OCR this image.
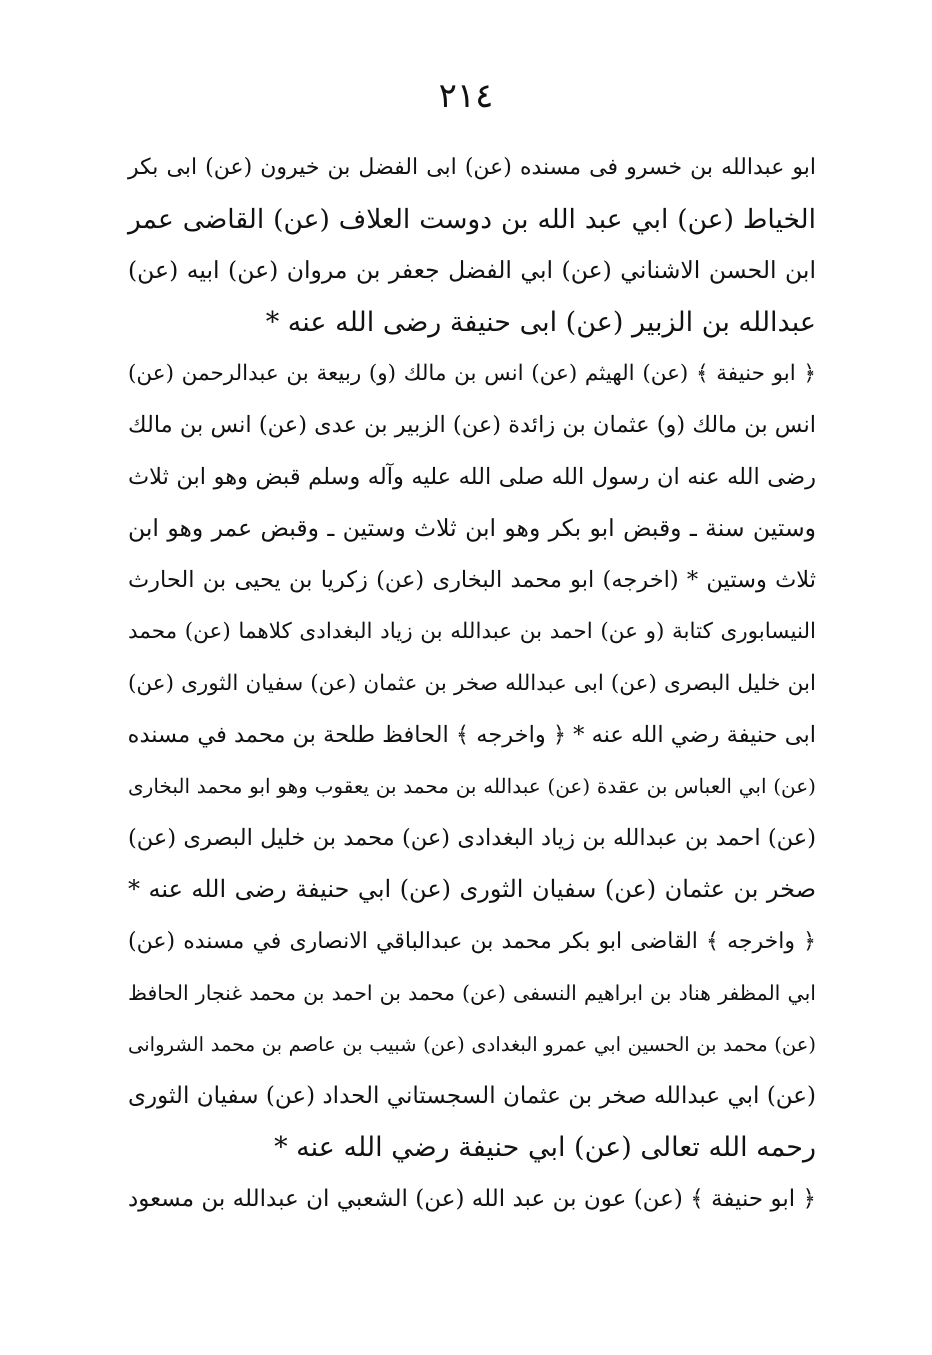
٢١٤
ابو عبدالله بن خسرو فى مسنده (عن) ابى الفضل بن خيرون (عن) ابى بكر
الخياط (عن) ابي عبد الله بن دوست العلاف (عن) القاضى عمر
ابن الحسن الاشناني (عن) ابي الفضل جعفر بن مروان (عن) ابيه (عن)
عبدالله بن الزبير (عن) ابى حنيفة رضى الله عنه *
﴿ ابو حنيفة ﴾ (عن) الهيثم (عن) انس بن مالك (و) ربيعة بن عبدالرحمن (عن)
انس بن مالك (و) عثمان بن زائدة (عن) الزبير بن عدى (عن) انس بن مالك
رضى الله عنه ان رسول الله صلى الله عليه وآله وسلم قبض وهو ابن ثلاث
وستين سنة ـ وقبض ابو بكر وهو ابن ثلاث وستين ـ وقبض عمر وهو ابن
ثلاث وستين * (اخرجه) ابو محمد البخارى (عن) زكريا بن يحيى بن الحارث
النيسابورى كتابة (و عن) احمد بن عبدالله بن زياد البغدادى كلاهما (عن) محمد
ابن خليل البصرى (عن) ابى عبدالله صخر بن عثمان (عن) سفيان الثورى (عن)
ابى حنيفة رضي الله عنه * ﴿ واخرجه ﴾ الحافظ طلحة بن محمد في مسنده
(عن) ابي العباس بن عقدة (عن) عبدالله بن محمد بن يعقوب وهو ابو محمد البخارى
(عن) احمد بن عبدالله بن زياد البغدادى (عن) محمد بن خليل البصرى (عن)
صخر بن عثمان (عن) سفيان الثورى (عن) ابي حنيفة رضى الله عنه *
﴿ واخرجه ﴾ القاضى ابو بكر محمد بن عبدالباقي الانصارى في مسنده (عن)
ابي المظفر هناد بن ابراهيم النسفى (عن) محمد بن احمد بن محمد غنجار الحافظ
(عن) محمد بن الحسين ابي عمرو البغدادى (عن) شبيب بن عاصم بن محمد الشروانى
(عن) ابي عبدالله صخر بن عثمان السجستاني الحداد (عن) سفيان الثورى
رحمه الله تعالى (عن) ابي حنيفة رضي الله عنه *
﴿ ابو حنيفة ﴾ (عن) عون بن عبد الله (عن) الشعبي ان عبدالله بن مسعود
